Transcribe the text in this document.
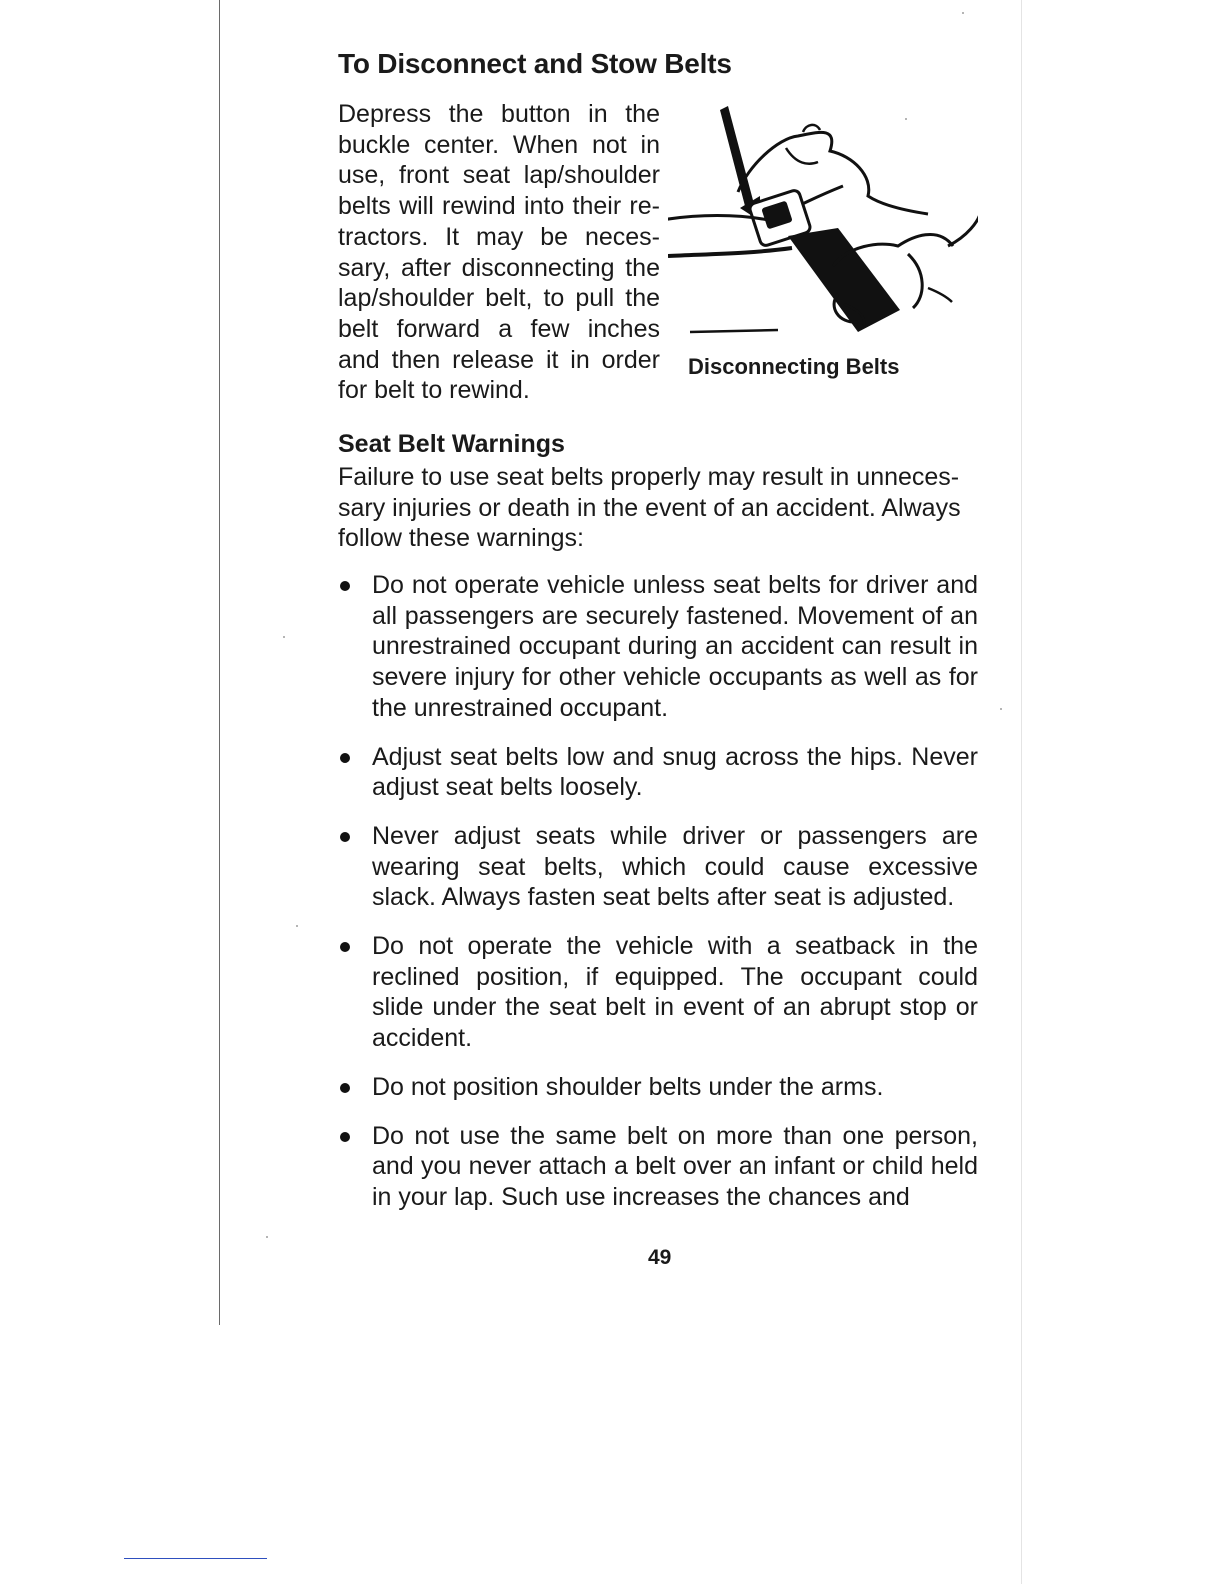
To Disconnect and Stow Belts

Depress the button in the buckle center. When not in use, front seat lap/shoulder belts will rewind into their re-tractors. It may be neces-sary, after disconnecting the lap/shoulder belt, to pull the belt forward a few inches and then release it in order for belt to rewind.

Disconnecting Belts
Seat Belt Warnings

Failure to use seat belts properly may result in unneces-sary injuries or death in the event of an accident. Always follow these warnings:

Do not operate vehicle unless seat belts for driver and all passengers are securely fastened. Movement of an unrestrained occupant during an accident can result in severe injury for other vehicle occupants as well as for the unrestrained occupant.
Adjust seat belts low and snug across the hips. Never adjust seat belts loosely.
Never adjust seats while driver or passengers are wearing seat belts, which could cause excessive slack. Always fasten seat belts after seat is adjusted.
Do not operate the vehicle with a seatback in the reclined position, if equipped. The occupant could slide under the seat belt in event of an abrupt stop or accident.
Do not position shoulder belts under the arms.
Do not use the same belt on more than one person, and you never attach a belt over an infant or child held in your lap. Such use increases the chances and
49
